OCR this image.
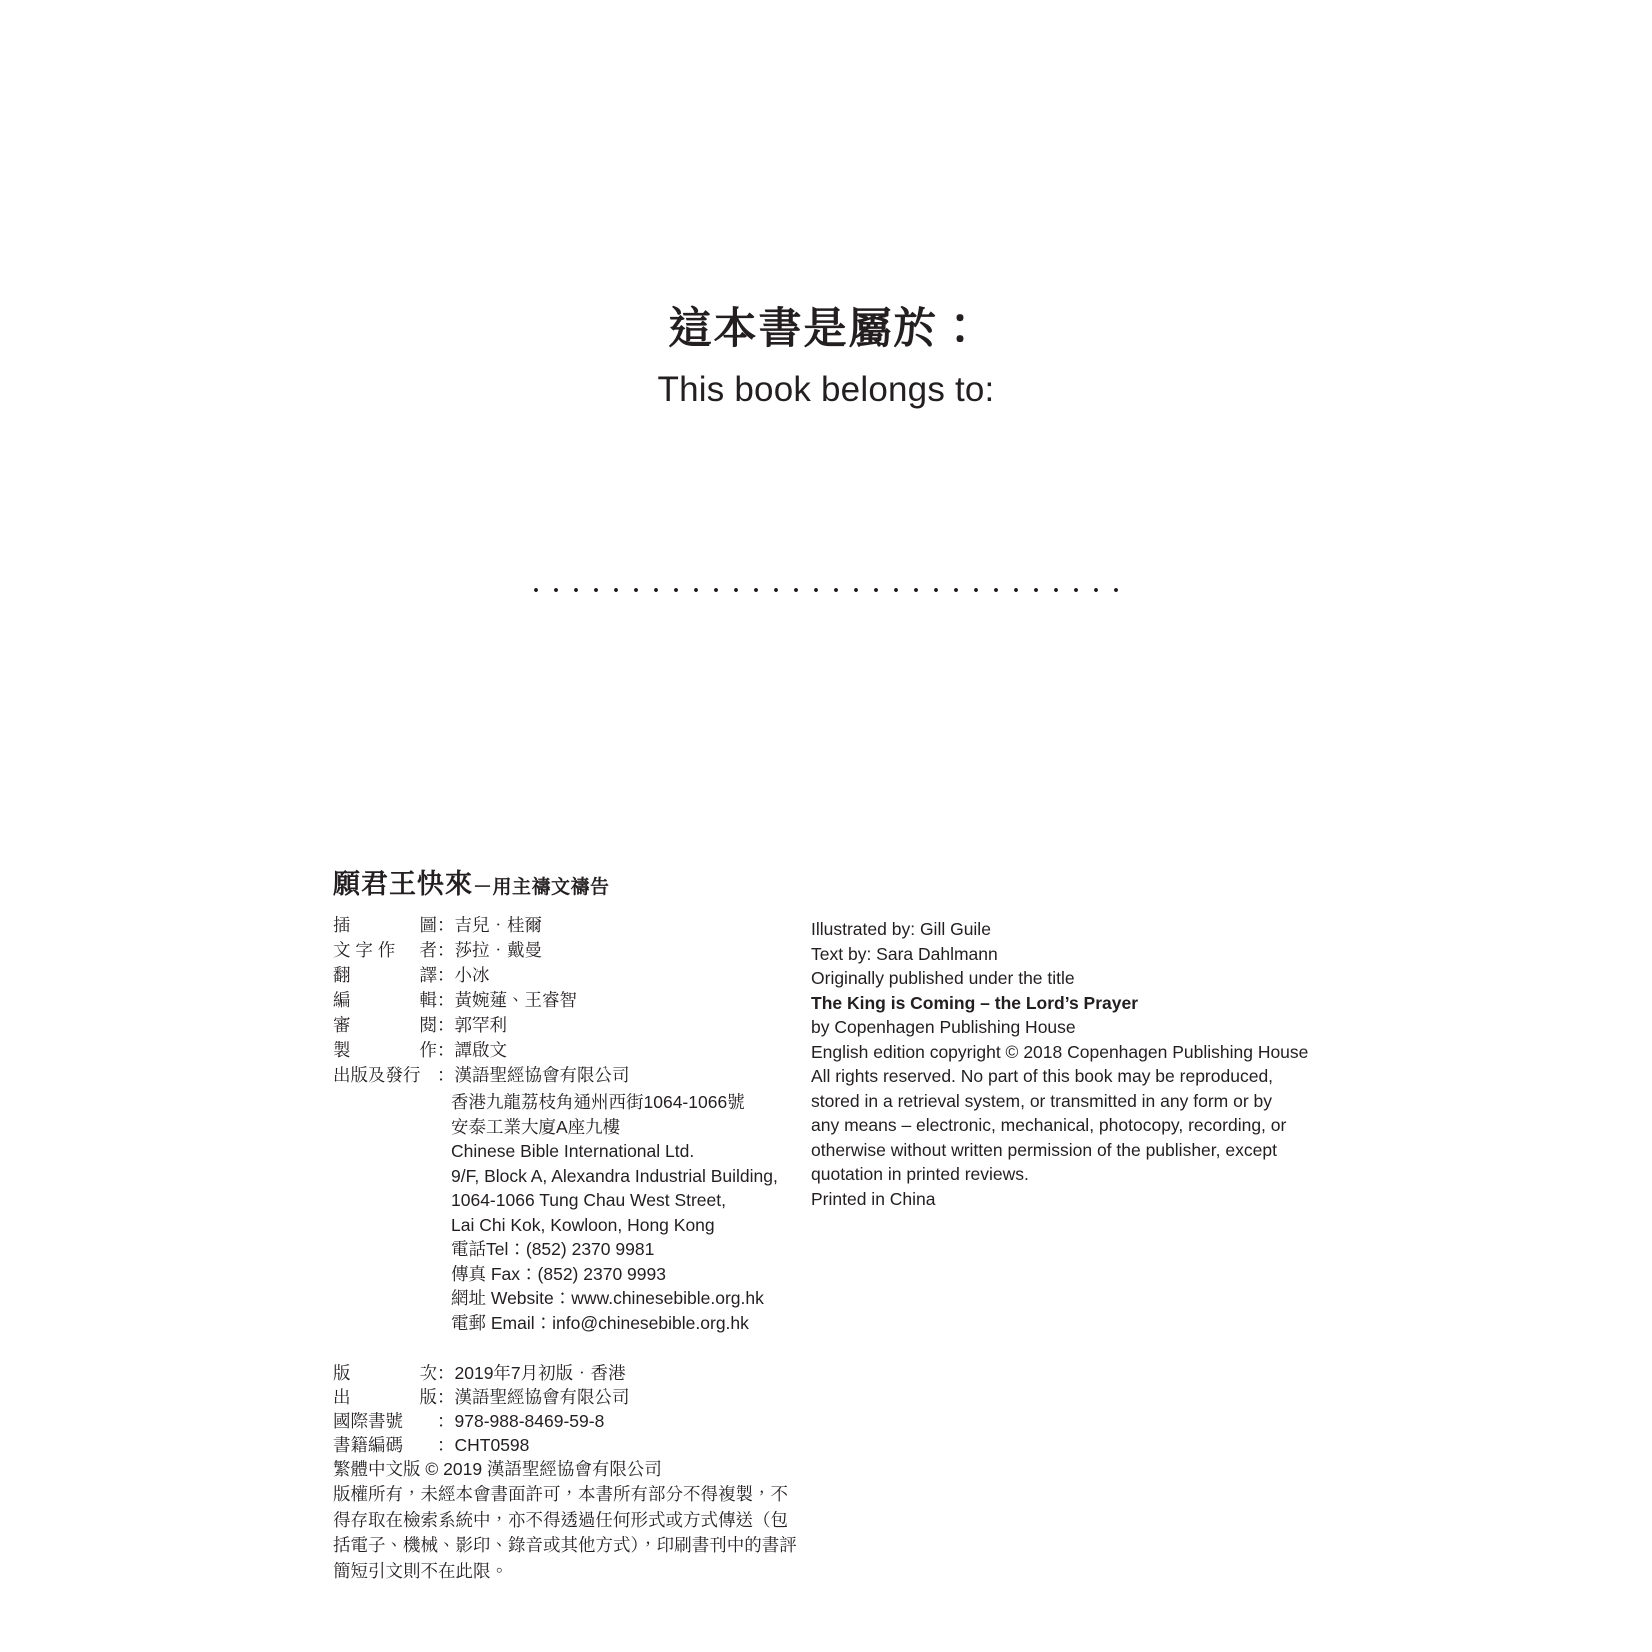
這本書是屬於：
This book belongs to:
願君王快來－用主禱文禱告
插	圖 ： 吉兒‧桂爾
文 字 作 者 ： 莎拉‧戴曼
翻	譯 ： 小冰
編	輯 ： 黃婉蓮、王睿智
審	閱 ： 郭罕利
製	作 ： 譚啟文
出版及發行 ： 漢語聖經協會有限公司
香港九龍荔枝角通州西街1064-1066號
安泰工業大廈A座九樓
Chinese Bible International Ltd.
9/F, Block A, Alexandra Industrial Building,
1064-1066 Tung Chau West Street,
Lai Chi Kok, Kowloon, Hong Kong
電話Tel：(852) 2370 9981
傳真 Fax：(852) 2370 9993
網址 Website：www.chinesebible.org.hk
電郵 Email：info@chinesebible.org.hk
版	次 ： 2019年7月初版‧香港
出	版 ： 漢語聖經協會有限公司
國際書號 ： 978-988-8469-59-8
書籍編碼 ： CHT0598
繁體中文版 © 2019 漢語聖經協會有限公司
版權所有，未經本會書面許可，本書所有部分不得複製，不得存取在檢索系統中，亦不得透過任何形式或方式傳送（包括電子、機械、影印、錄音或其他方式），印刷書刊中的書評簡短引文則不在此限。
Illustrated by: Gill Guile
Text by: Sara Dahlmann
Originally published under the title
The King is Coming – the Lord’s Prayer
by Copenhagen Publishing House
English edition copyright © 2018 Copenhagen Publishing House
All rights reserved. No part of this book may be reproduced,
stored in a retrieval system, or transmitted in any form or by
any means – electronic, mechanical, photocopy, recording, or
otherwise without written permission of the publisher, except
quotation in printed reviews.
Printed in China
